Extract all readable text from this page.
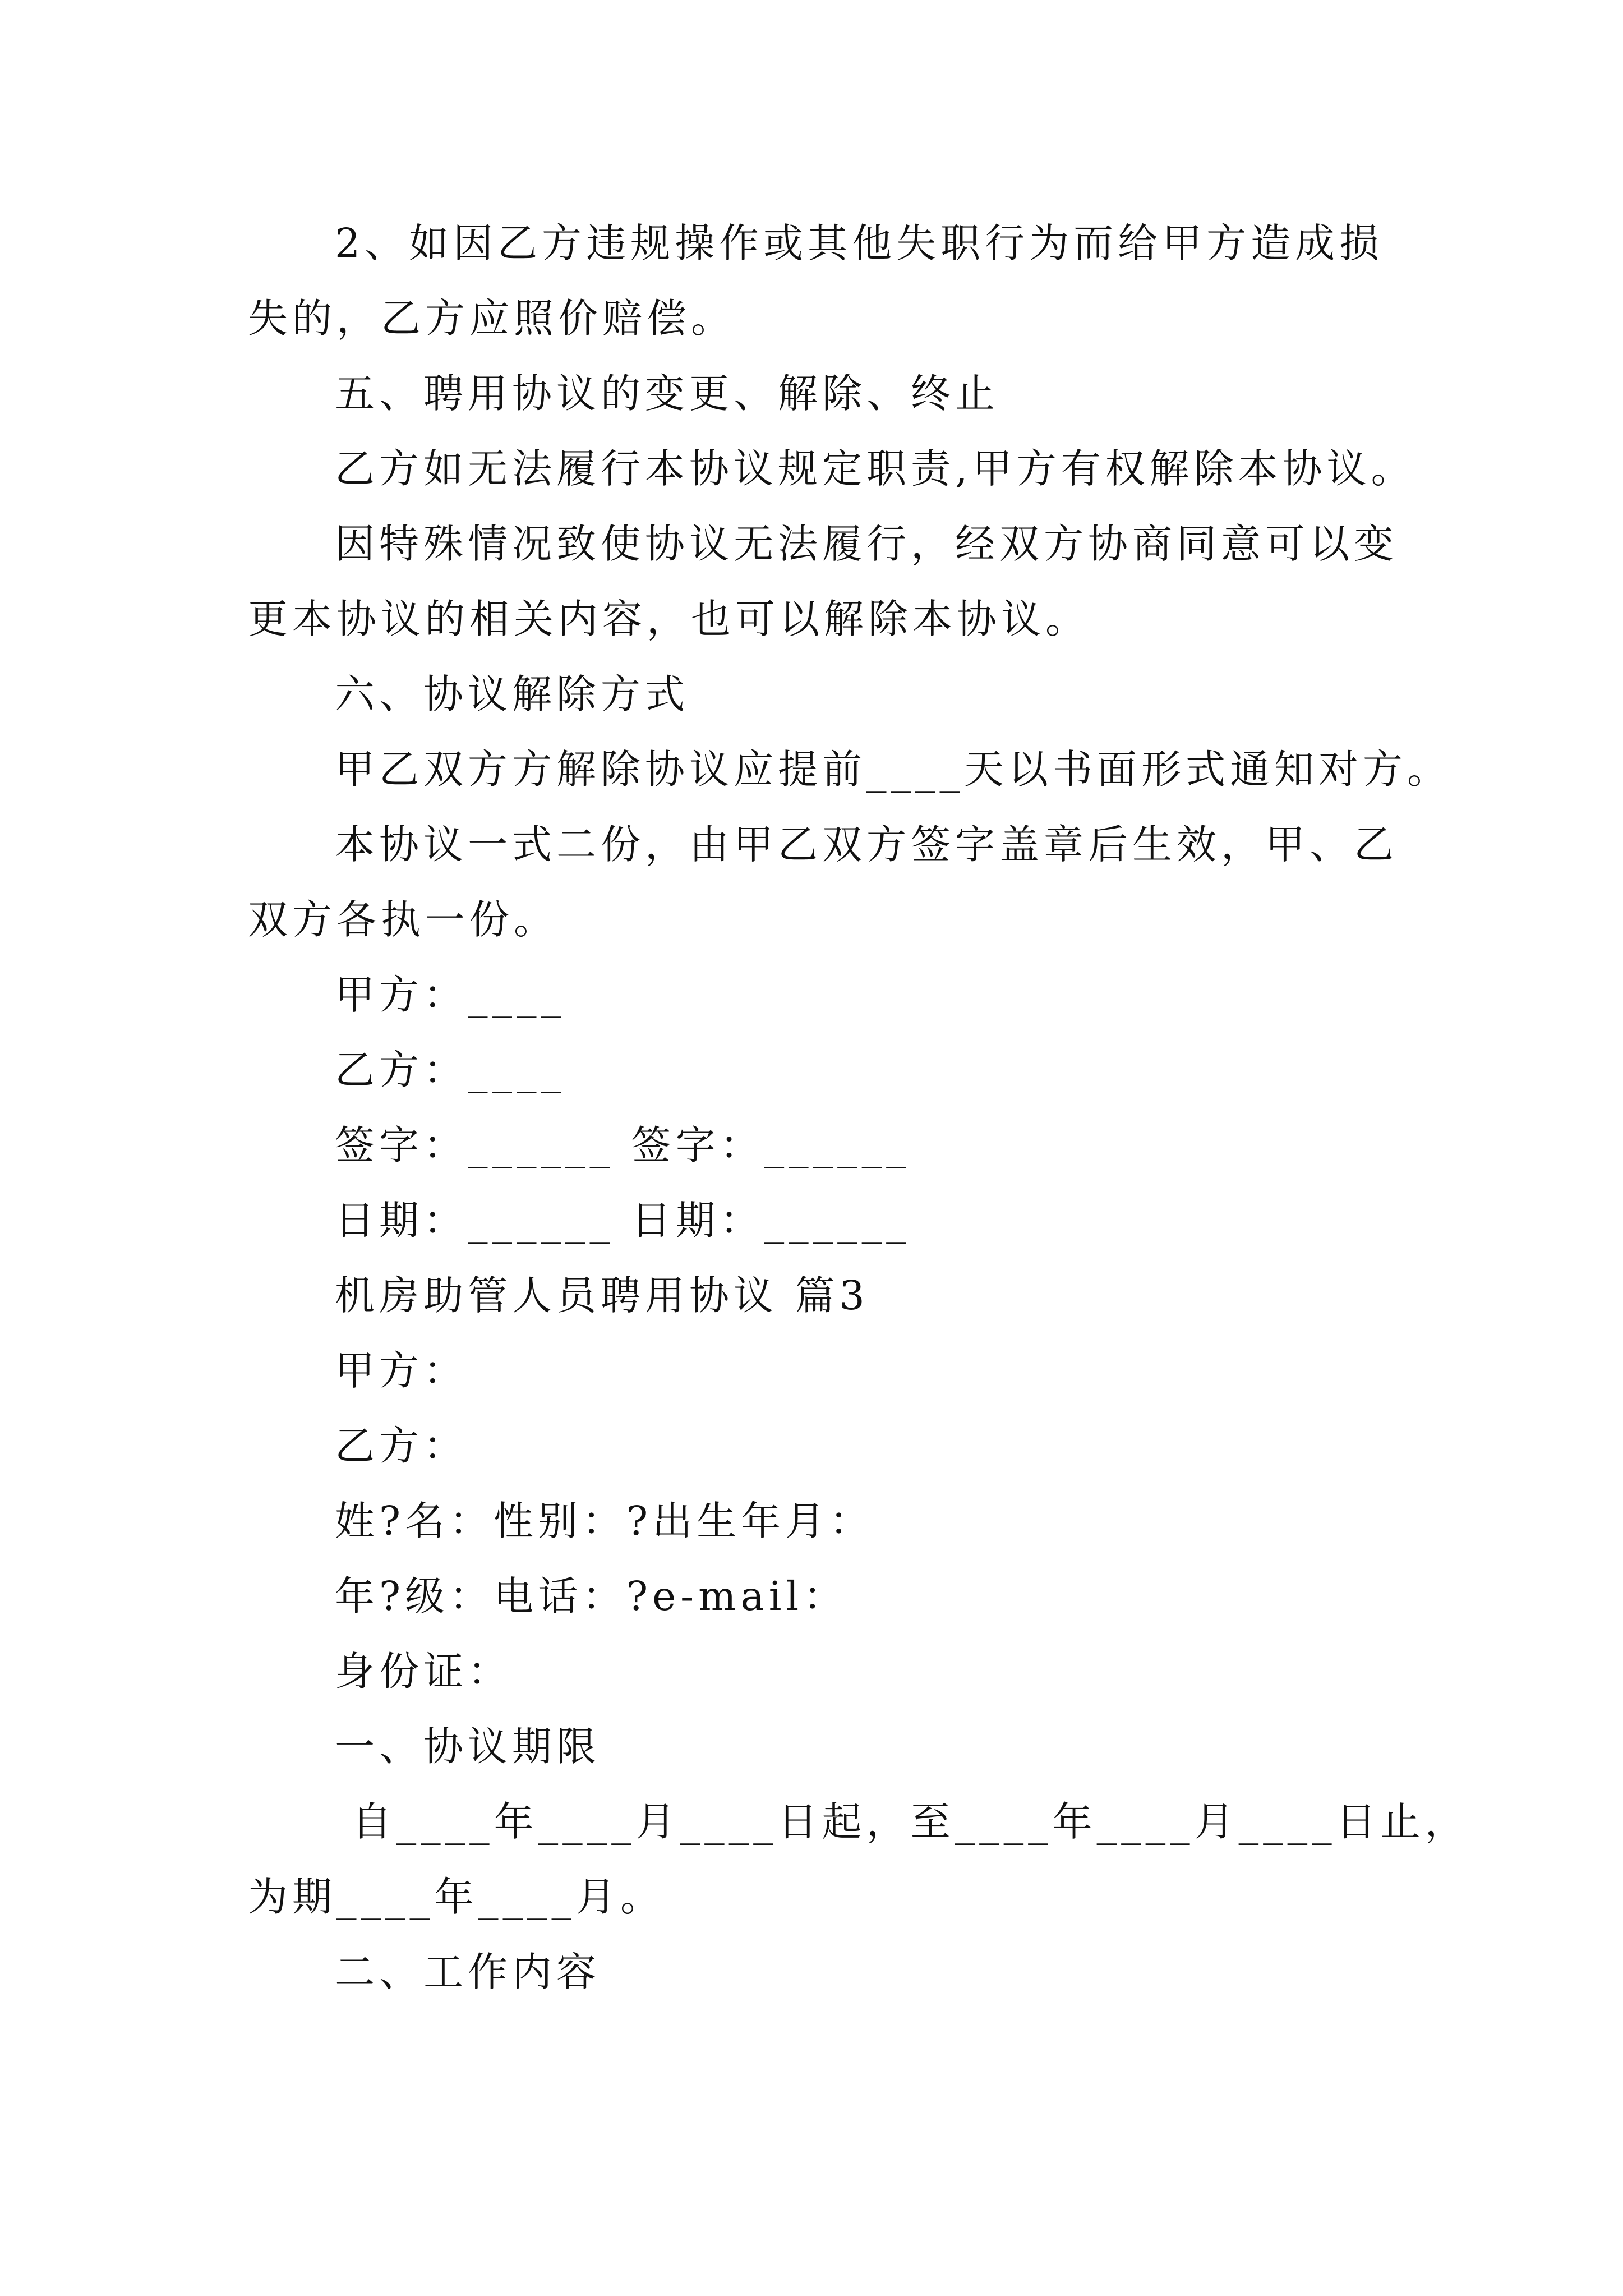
2、如因乙方违规操作或其他失职行为而给甲方造成损
失的，乙方应照价赔偿。
五、聘用协议的变更、解除、终止
乙方如无法履行本协议规定职责,甲方有权解除本协议。
因特殊情况致使协议无法履行，经双方协商同意可以变
更本协议的相关内容，也可以解除本协议。
六、协议解除方式
甲乙双方方解除协议应提前____天以书面形式通知对方。
本协议一式二份，由甲乙双方签字盖章后生效，甲、乙
双方各执一份。
甲方：____
乙方：____
签字：______ 签字：______
日期：______ 日期：______
机房助管人员聘用协议 篇3
甲方：
乙方：
姓?名：性别：?出生年月：
年?级：电话：?e-mail：
身份证：
一、协议期限
自____年____月____日起，至____年____月____日止，
为期____年____月。
二、工作内容
